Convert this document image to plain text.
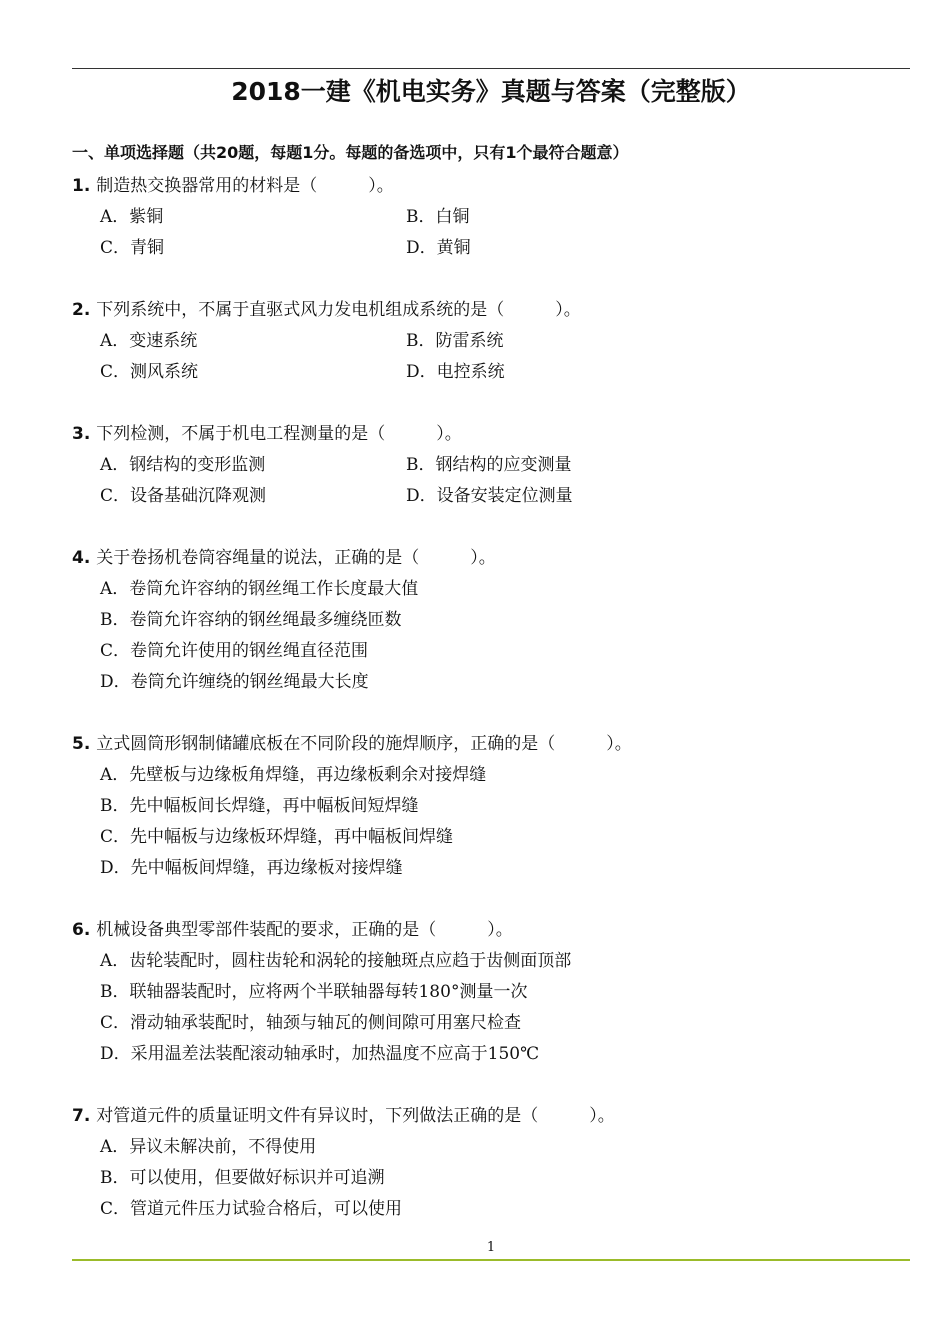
2018一建《机电实务》真题与答案（完整版）
一、单项选择题（共20题，每题1分。每题的备选项中，只有1个最符合题意）
1. 制造热交换器常用的材料是（　　　）。
A．紫铜	B．白铜
C．青铜	D．黄铜
2. 下列系统中，不属于直驱式风力发电机组成系统的是（　　　）。
A．变速系统	B．防雷系统
C．测风系统	D．电控系统
3. 下列检测，不属于机电工程测量的是（　　　）。
A．钢结构的变形监测	B．钢结构的应变测量
C．设备基础沉降观测	D．设备安装定位测量
4. 关于卷扬机卷筒容绳量的说法，正确的是（　　　）。
A．卷筒允许容纳的钢丝绳工作长度最大值
B．卷筒允许容纳的钢丝绳最多缠绕匝数
C．卷筒允许使用的钢丝绳直径范围
D．卷筒允许缠绕的钢丝绳最大长度
5. 立式圆筒形钢制储罐底板在不同阶段的施焊顺序，正确的是（　　　）。
A．先壁板与边缘板角焊缝，再边缘板剩余对接焊缝
B．先中幅板间长焊缝，再中幅板间短焊缝
C．先中幅板与边缘板环焊缝，再中幅板间焊缝
D．先中幅板间焊缝，再边缘板对接焊缝
6. 机械设备典型零部件装配的要求，正确的是（　　　）。
A．齿轮装配时，圆柱齿轮和涡轮的接触斑点应趋于齿侧面顶部
B．联轴器装配时，应将两个半联轴器每转180°测量一次
C．滑动轴承装配时，轴颈与轴瓦的侧间隙可用塞尺检查
D．采用温差法装配滚动轴承时，加热温度不应高于150℃
7. 对管道元件的质量证明文件有异议时，下列做法正确的是（　　　）。
A．异议未解决前，不得使用
B．可以使用，但要做好标识并可追溯
C．管道元件压力试验合格后，可以使用
1
